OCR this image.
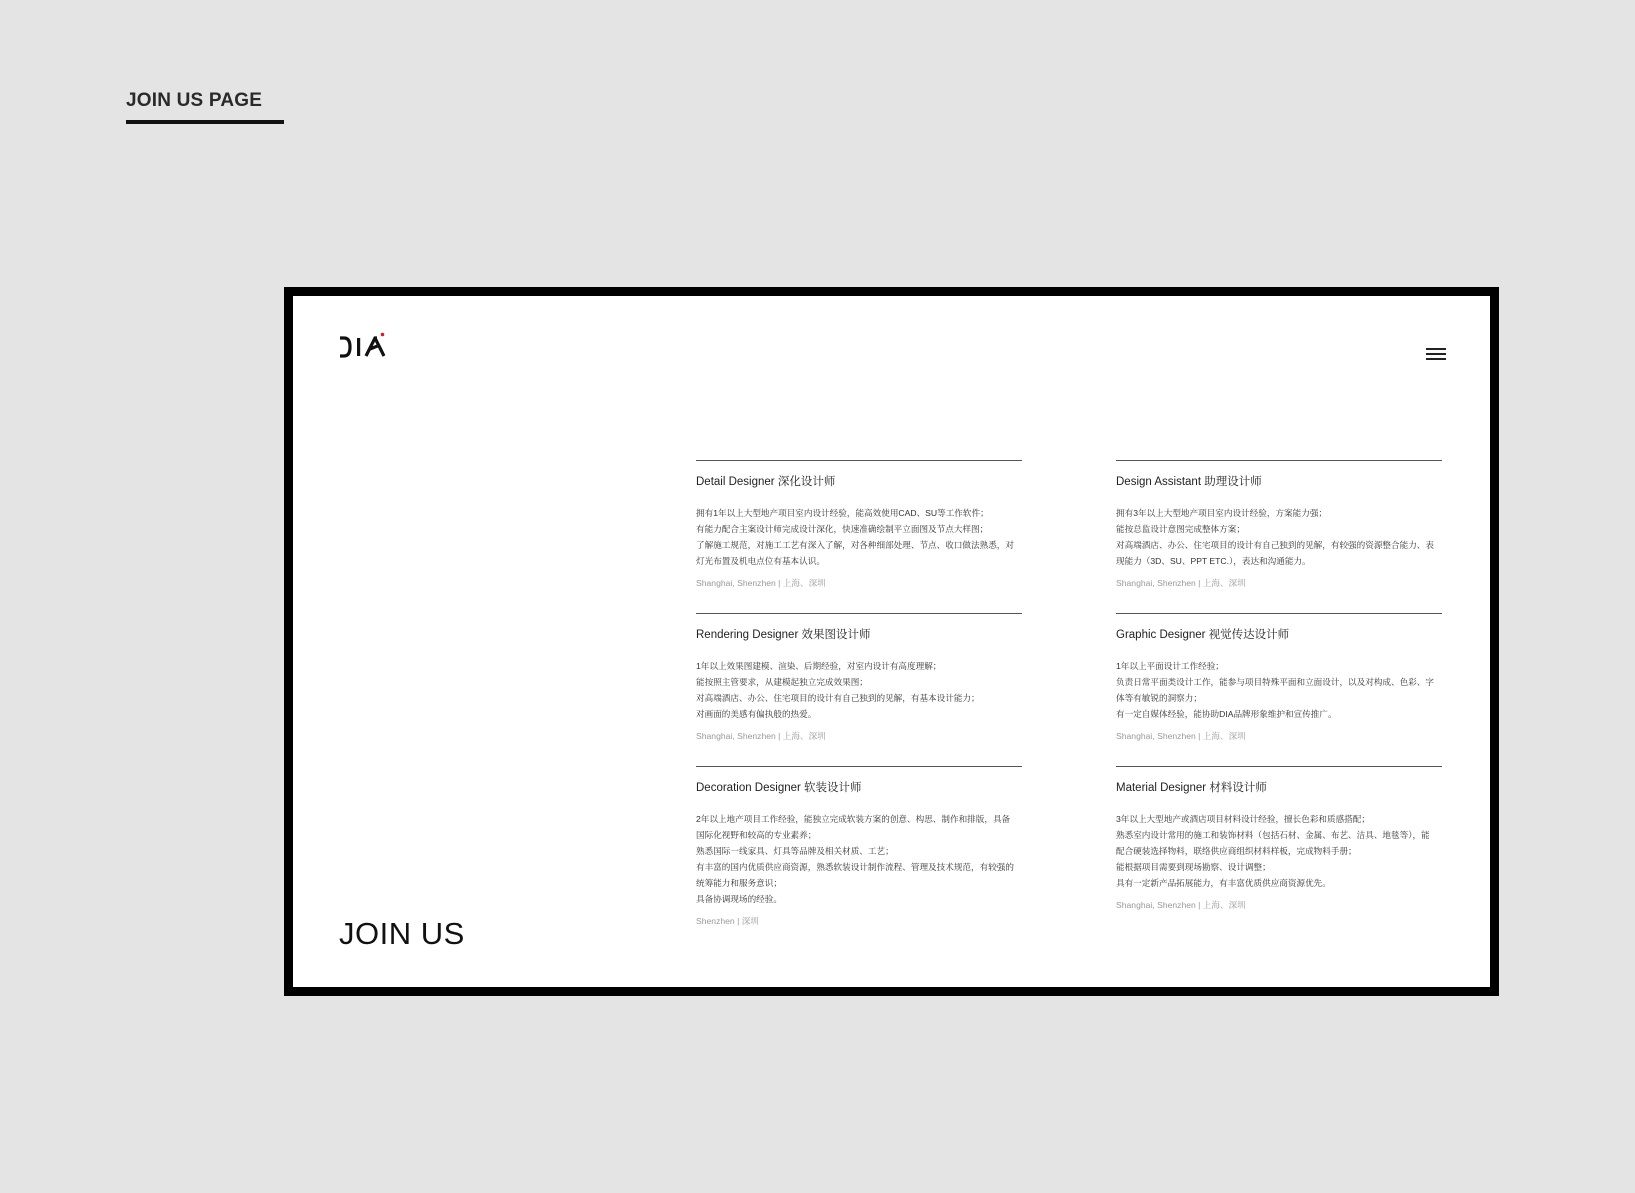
JOIN US PAGE
JOIN US
Detail Designer 深化设计师
拥有1年以上大型地产项目室内设计经验，能高效使用CAD、SU等工作软件；
有能力配合主案设计师完成设计深化，快速准确绘制平立面图及节点大样图；
了解施工规范，对施工工艺有深入了解，对各种细部处理、节点、收口做法熟悉，对
灯光布置及机电点位有基本认识。
Shanghai, Shenzhen | 上海、深圳
Design Assistant 助理设计师
拥有3年以上大型地产项目室内设计经验，方案能力强；
能按总监设计意图完成整体方案；
对高端酒店、办公、住宅项目的设计有自己独到的见解，有较强的资源整合能力、表
现能力（3D、SU、PPT ETC.），表达和沟通能力。
Shanghai, Shenzhen | 上海、深圳
Rendering Designer 效果图设计师
1年以上效果图建模、渲染、后期经验，对室内设计有高度理解；
能按照主管要求，从建模起独立完成效果图；
对高端酒店、办公、住宅项目的设计有自己独到的见解，有基本设计能力；
对画面的美感有偏执般的热爱。
Shanghai, Shenzhen | 上海、深圳
Graphic Designer 视觉传达设计师
1年以上平面设计工作经验；
负责日常平面类设计工作，能参与项目特殊平面和立面设计，以及对构成、色彩、字
体等有敏锐的洞察力；
有一定自媒体经验，能协助DIA品牌形象维护和宣传推广。
Shanghai, Shenzhen | 上海、深圳
Decoration Designer 软装设计师
2年以上地产项目工作经验，能独立完成软装方案的创意、构思、制作和排版，具备
国际化视野和较高的专业素养；
熟悉国际一线家具、灯具等品牌及相关材质、工艺；
有丰富的国内优质供应商资源，熟悉软装设计制作流程、管理及技术规范，有较强的
统筹能力和服务意识；
具备协调现场的经验。
Shenzhen | 深圳
Material Designer 材料设计师
3年以上大型地产或酒店项目材料设计经验，擅长色彩和质感搭配；
熟悉室内设计常用的施工和装饰材料（包括石材、金属、布艺、洁具、地毯等），能
配合硬装选择物料，联络供应商组织材料样板，完成物料手册；
能根据项目需要到现场勘察、设计调整；
具有一定新产品拓展能力，有丰富优质供应商资源优先。
Shanghai, Shenzhen | 上海、深圳
